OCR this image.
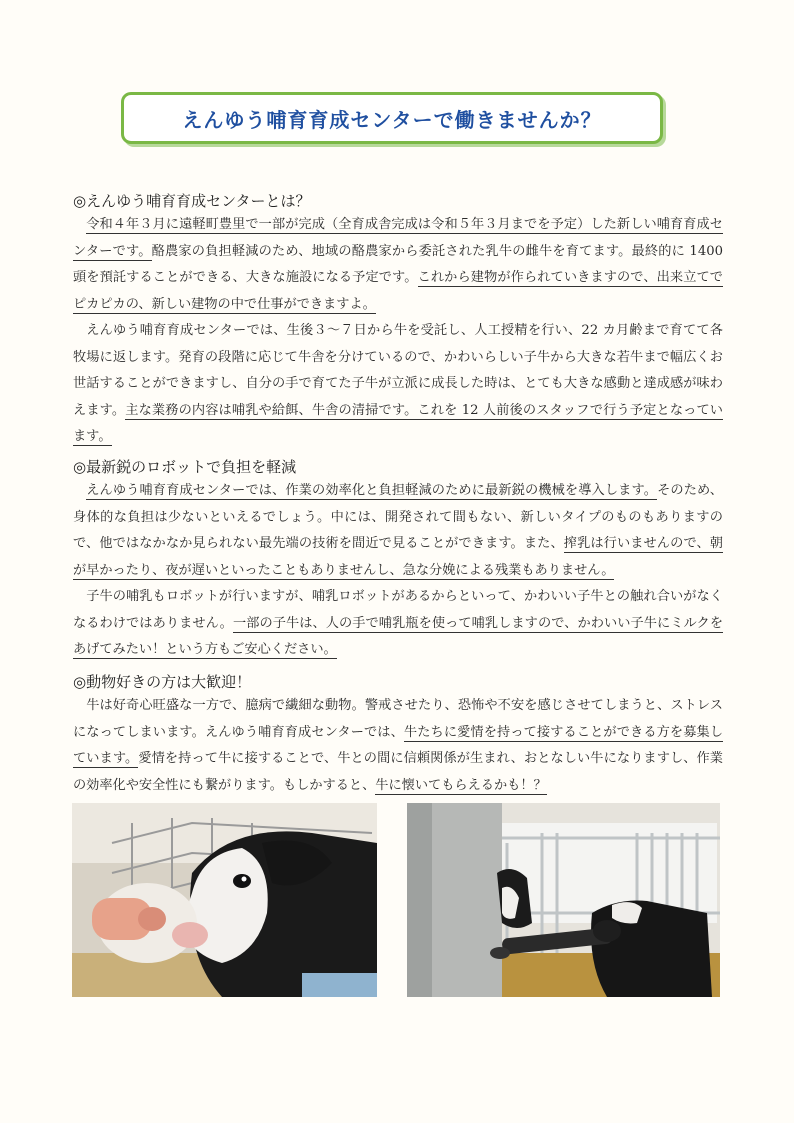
えんゆう哺育育成センターで働きませんか？
◎えんゆう哺育育成センターとは？

令和４年３月に遠軽町豊里で一部が完成（全育成舎完成は令和５年３月までを予定）した新しい哺育育成センターです。酪農家の負担軽減のため、地域の酪農家から委託された乳牛の雌牛を育てます。最終的に 1400 頭を預託することができる、大きな施設になる予定です。これから建物が作られていきますので、出来立てでピカピカの、新しい建物の中で仕事ができますよ。

えんゆう哺育育成センターでは、生後３～７日から牛を受託し、人工授精を行い、22 カ月齢まで育てて各牧場に返します。発育の段階に応じて牛舎を分けているので、かわいらしい子牛から大きな若牛まで幅広くお世話することができますし、自分の手で育てた子牛が立派に成長した時は、とても大きな感動と達成感が味わえます。主な業務の内容は哺乳や給餌、牛舎の清掃です。これを 12 人前後のスタッフで行う予定となっています。

◎最新鋭のロボットで負担を軽減

えんゆう哺育育成センターでは、作業の効率化と負担軽減のために最新鋭の機械を導入します。そのため、身体的な負担は少ないといえるでしょう。中には、開発されて間もない、新しいタイプのものもありますので、他ではなかなか見られない最先端の技術を間近で見ることができます。また、搾乳は行いませんので、朝が早かったり、夜が遅いといったこともありませんし、急な分娩による残業もありません。

子牛の哺乳もロボットが行いますが、哺乳ロボットがあるからといって、かわいい子牛との触れ合いがなくなるわけではありません。一部の子牛は、人の手で哺乳瓶を使って哺乳しますので、かわいい子牛にミルクをあげてみたい！という方もご安心ください。

◎動物好きの方は大歓迎！

牛は好奇心旺盛な一方で、臆病で繊細な動物。警戒させたり、恐怖や不安を感じさせてしまうと、ストレスになってしまいます。えんゆう哺育育成センターでは、牛たちに愛情を持って接することができる方を募集しています。愛情を持って牛に接することで、牛との間に信頼関係が生まれ、おとなしい牛になりますし、作業の効率化や安全性にも繋がります。もしかすると、牛に懐いてもらえるかも！？
